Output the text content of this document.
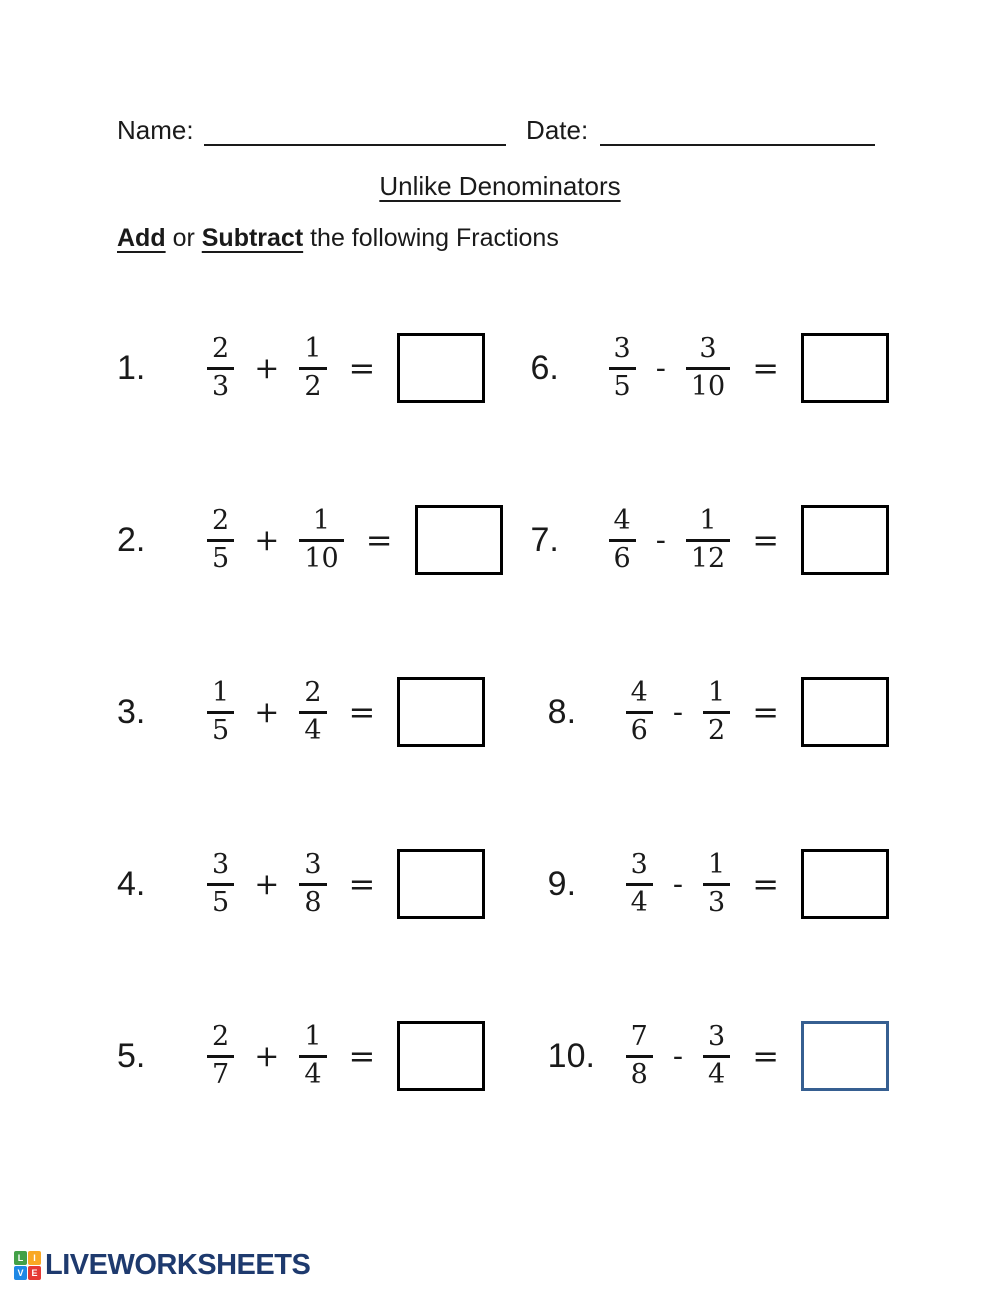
Name:	Date:
Unlike Denominators
Add or Subtract the following Fractions
1.	$\frac{2}{3} + \frac{1}{2}$ =	6.	$\frac{3}{5} - \frac{3}{10}$ =
2.	$\frac{2}{5} + \frac{1}{10}$ =	7.	$\frac{4}{6} - \frac{1}{12}$ =
3.	$\frac{1}{5} + \frac{2}{4}$ =	8.	$\frac{4}{6} - \frac{1}{2}$ =
4.	$\frac{3}{5} + \frac{3}{8}$ =	9.	$\frac{3}{4} - \frac{1}{3}$ =
5.	$\frac{2}{7} + \frac{1}{4}$ =	10.	$\frac{7}{8} - \frac{3}{4}$ =
L	I
V E LIVEWORKSHEETS
